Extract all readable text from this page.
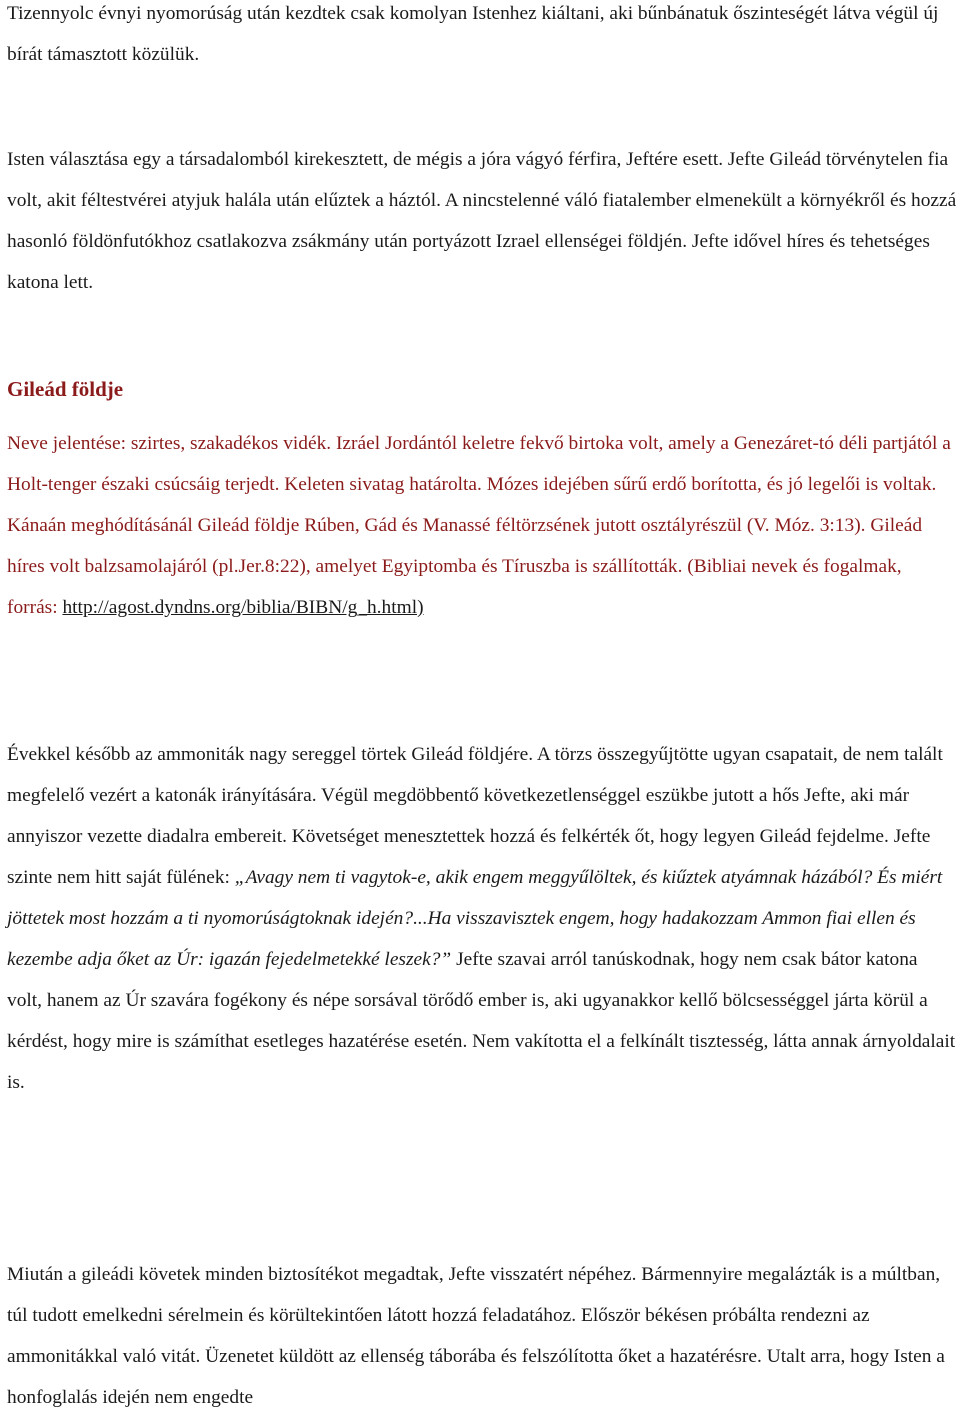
Tizennyolc évnyi nyomorúság után kezdtek csak komolyan Istenhez kiáltani, aki bűnbánatuk őszinteségét látva végül új bírát támasztott közülük.

Isten választása egy a társadalomból kirekesztett, de mégis a jóra vágyó férfira, Jeftére esett. Jefte Gileád törvénytelen fia volt, akit féltestvérei atyjuk halála után elűztek a háztól. A nincstelenné váló fiatalember elmenekült a környékről és hozzá hasonló földönfutókhoz csatlakozva zsákmány után portyázott Izrael ellenségei földjén. Jefte idővel híres és tehetséges katona lett.

Gileád földje

Neve jelentése: szirtes, szakadékos vidék. Izráel Jordántól keletre fekvő birtoka volt, amely a Genezáret-tó déli partjától a Holt-tenger északi csúcsáig terjedt. Keleten sivatag határolta. Mózes idejében sűrű erdő borította, és jó legelői is voltak. Kánaán meghódításánál Gileád földje Rúben, Gád és Manassé féltörzsének jutott osztályrészül (V. Móz. 3:13). Gileád híres volt balzsamolajáról (pl.Jer.8:22), amelyet Egyiptomba és Tíruszba is szállították. (Bibliai nevek és fogalmak, forrás: http://agost.dyndns.org/biblia/BIBN/g_h.html)

Évekkel később az ammoniták nagy sereggel törtek Gileád földjére. A törzs összegyűjtötte ugyan csapatait, de nem talált megfelelő vezért a katonák irányítására. Végül megdöbbentő következetlenséggel eszükbe jutott a hős Jefte, aki már annyiszor vezette diadalra embereit. Követséget menesztettek hozzá és felkérték őt, hogy legyen Gileád fejdelme. Jefte szinte nem hitt saját fülének: „Avagy nem ti vagytok-e, akik engem meggyűlöltek, és kiűztek atyámnak házából? És miért jöttetek most hozzám a ti nyomorúságtoknak idején?...Ha visszavisztek engem, hogy hadakozzam Ammon fiai ellen és kezembe adja őket az Úr: igazán fejedelmetekké leszek?” Jefte szavai arról tanúskodnak, hogy nem csak bátor katona volt, hanem az Úr szavára fogékony és népe sorsával törődő ember is, aki ugyanakkor kellő bölcsességgel járta körül a kérdést, hogy mire is számíthat esetleges hazatérése esetén. Nem vakította el a felkínált tisztesség, látta annak árnyoldalait is.

Miután a gileádi követek minden biztosítékot megadtak, Jefte visszatért népéhez. Bármennyire megalázták is a múltban, túl tudott emelkedni sérelmein és körültekintően látott hozzá feladatához. Először békésen próbálta rendezni az ammonitákkal való vitát. Üzenetet küldött az ellenség táborába és felszólította őket a hazatérésre. Utalt arra, hogy Isten a honfoglalás idején nem engedte
